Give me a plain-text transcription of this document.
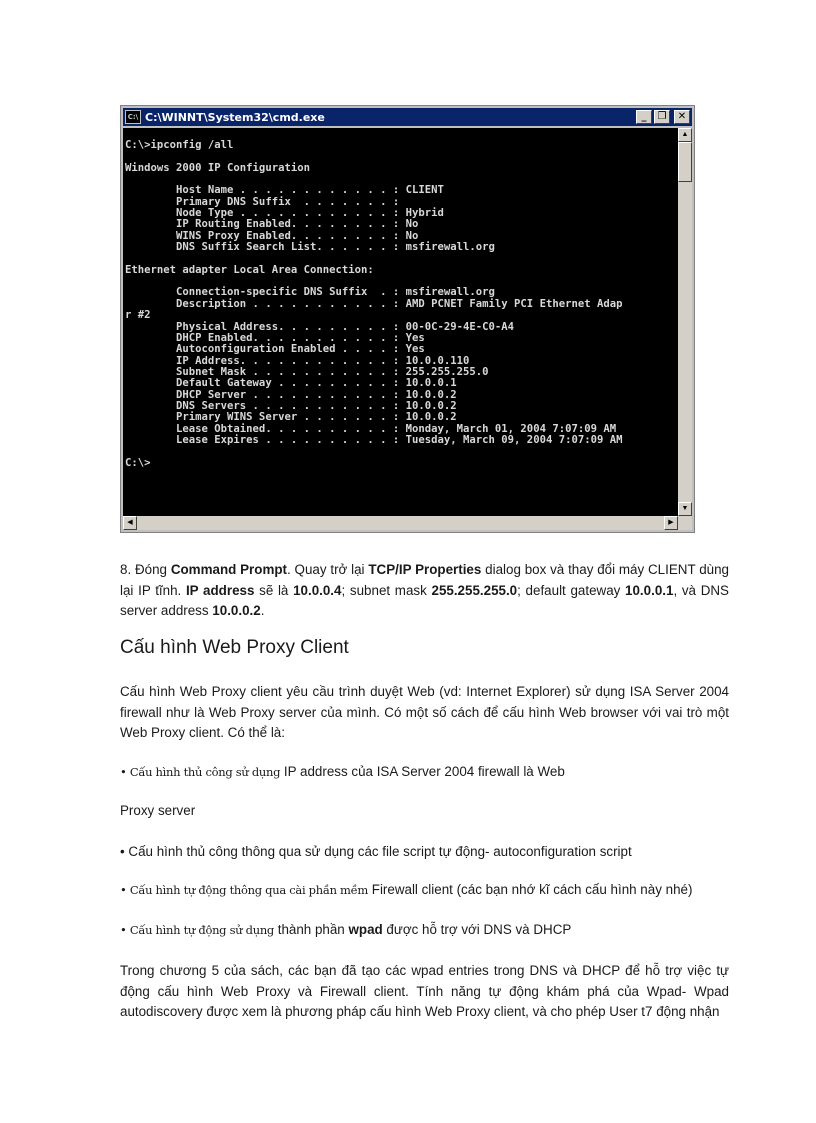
C:\ C:\WINNT\System32\cmd.exe	_	❐	✕
C:\>ipconfig /all
Windows 2000 IP Configuration
Host Name . . . . . . . . . . . . : CLIENT
Primary DNS Suffix  . . . . . . . :
Node Type . . . . . . . . . . . . : Hybrid
IP Routing Enabled. . . . . . . . : No
WINS Proxy Enabled. . . . . . . . : No
DNS Suffix Search List. . . . . . : msfirewall.org
Ethernet adapter Local Area Connection:
Connection-specific DNS Suffix  . : msfirewall.org
Description . . . . . . . . . . . : AMD PCNET Family PCI Ethernet Adap
r #2
Physical Address. . . . . . . . . : 00-0C-29-4E-C0-A4
DHCP Enabled. . . . . . . . . . . : Yes
Autoconfiguration Enabled . . . . : Yes
IP Address. . . . . . . . . . . . : 10.0.0.110
Subnet Mask . . . . . . . . . . . : 255.255.255.0
Default Gateway . . . . . . . . . : 10.0.0.1
DHCP Server . . . . . . . . . . . : 10.0.0.2
DNS Servers . . . . . . . . . . . : 10.0.0.2
Primary WINS Server . . . . . . . : 10.0.0.2
Lease Obtained. . . . . . . . . . : Monday, March 01, 2004 7:07:09 AM
Lease Expires . . . . . . . . . . : Tuesday, March 09, 2004 7:07:09 AM
C:\>
▲
▼
◀	▶
8. Đóng Command Prompt. Quay trở lại TCP/IP Properties dialog box và thay đổi máy CLIENT dùng lại IP tĩnh. IP address sẽ là 10.0.0.4; subnet mask 255.255.255.0; default gateway 10.0.0.1, và DNS server address 10.0.0.2.
Cấu hình Web Proxy Client
Cấu hình Web Proxy client yêu cầu trình duyệt Web (vd: Internet Explorer) sử dụng ISA Server 2004 firewall như là Web Proxy server của mình. Có một số cách để cấu hình Web browser với vai trò một Web Proxy client. Có thể là:
• Cấu hình thủ công sử dụng IP address của ISA Server 2004 firewall là Web
Proxy server
• Cấu hình thủ công thông qua sử dụng các file script tự động- autoconfiguration script
• Cấu hình tự động thông qua cài phần mềm Firewall client (các bạn nhớ kĩ cách cấu hình này nhé)
• Cấu hình tự động sử dụng thành phần wpad được hỗ trợ với DNS và DHCP
Trong chương 5 của sách, các bạn đã tạo các wpad entries trong DNS và DHCP để hỗ trợ việc tự động cấu hình Web Proxy và Firewall client. Tính năng tự động khám phá của Wpad- Wpad autodiscovery được xem là phương pháp cấu hình Web Proxy client, và cho phép User t7 động nhận
